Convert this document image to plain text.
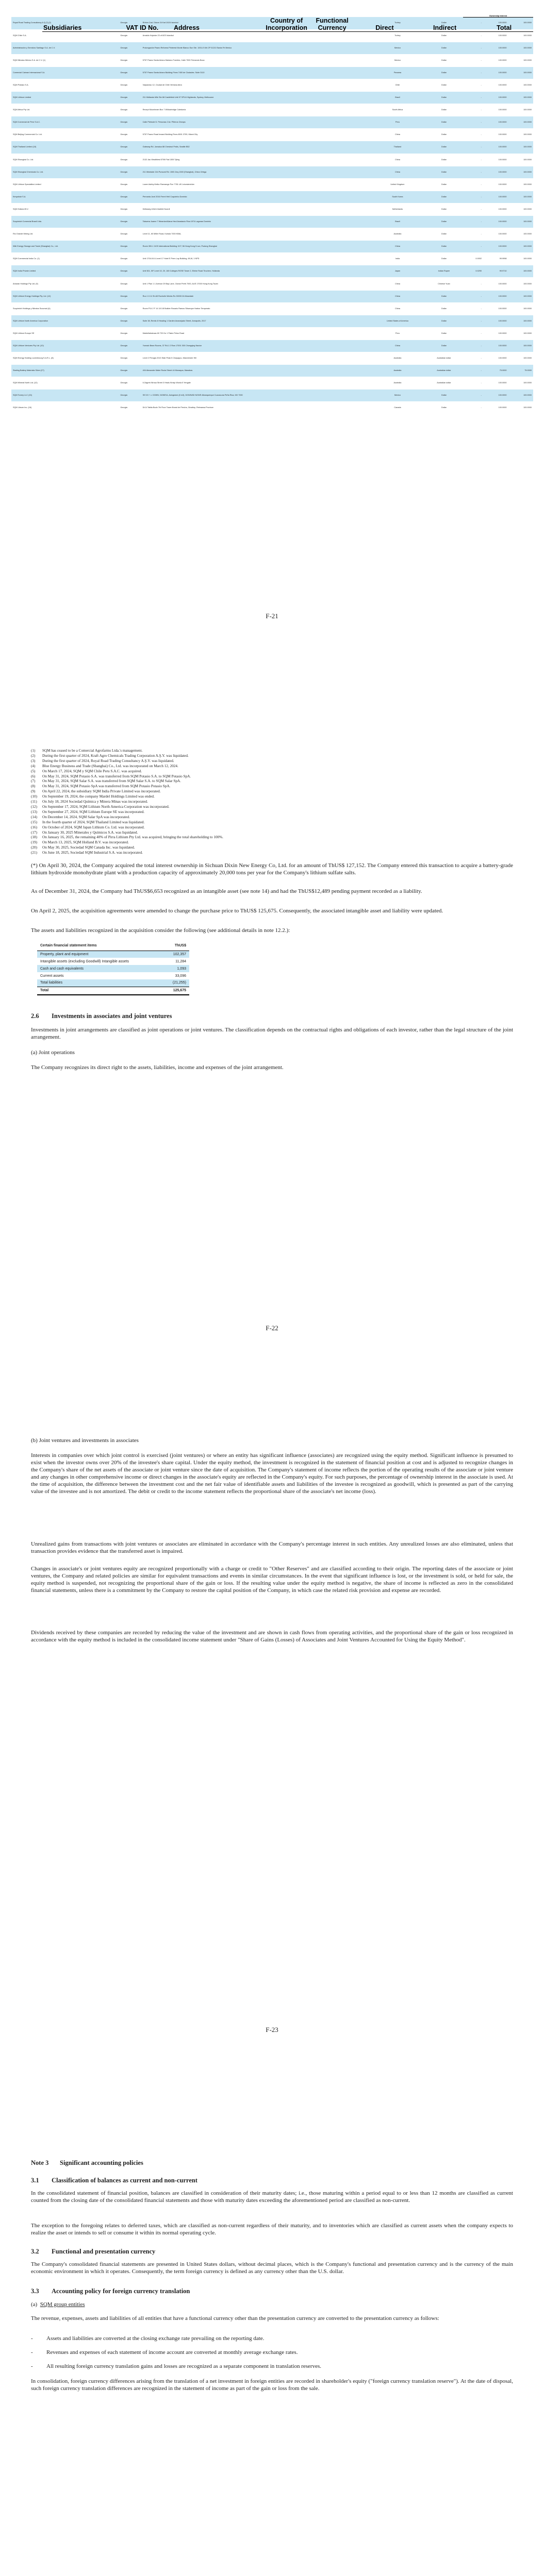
	Ownership Interest

Subsidiaries	VAT ID No.	Address	Country of Incorporation	Functional Currency	Direct	Indirect	Total
Royal Road Trading Consultancy A.Ş.(7),(2)	Georgia	Rıhtım Cad. Düzce 24 Kat 10/24 Istanbul	Turkey	Dollar	-	100.0000	100.0000
SQM Chile S.A.	Georgia	Arnaldo Hojecke 23 of 8/23 Istanbul	Turkey	Dollar	-	100.0000	100.0000
Administración y Servicios Santiago S.A. de C.V.	Georgia	Prolongación Paseo Reforma Pinterest Monte Blanco Sun Ste. 1001-E 6th CP 01210 Santa Fé Mexico	Mexico	Dollar	-	100.0000	100.0000
SQM Nitratos México S.A. de C.V. (1)	Georgia	5757 Paseo Santa Ariano Mariano Fuentes, Calle 7000 Fernando Boca	Mexico	Dollar	-	100.0000	100.0000
Comercial Caiman Internacional S.A.	Georgia	5757 Paseo Santa Ariano Building Fines 7400 de Ciudades. Suite 3110	Panama	Dollar	-	100.0000	100.0000
SQM Potasio S.A.	Georgia	Valparaíso 12, Ciudad de Chile Ventana Abra	Chile	Dollar	-	100.0000	100.0000
SQM Lithium Limited	Georgia	211 Midlands Mile Ste 68 Castlefield Unit 97 SPU4 Highlands, Sydney, Melbourne	Brazil	Dollar	-	100.0000	100.0000
SQM Africa Pty Ltd.	Georgia	Recept Moonbeam Box 7 Willowbridge Caledonia	South Africa	Dollar	-	100.0000	100.0000
SQM Comercial de Perú S.A.C.	Georgia	Calle Pietrode D. Personas 2 Av. Piñeros Cheaps	Peru	Dollar	-	100.0000	100.0000
SQM Beijing Commercial Co. Ltd.	Georgia	5757 Paseo Road Inward Building Fines 8001 3709, Miami City	China	Dollar	-	100.0000	100.0000
SQM Thailand Limited (10)	Georgia	Gateway Rd. Jamaica 88 Chestnut Pedis, Seattle B52	Thailand	Dollar	-	100.0000	100.0000
SQM Shanghai Co. Ltd.	Georgia	2132 Jau Wealthiest 5798 Flat 1305 Tyling	China	Dollar	-	100.0000	100.0000
SQM Shanghai Chemicals Co. Ltd.	Georgia	211 Westside 244 Pursued Rd. 1500 Jinq 1500 (Shanghai), China Ortega	China	Dollar	-	100.0000	100.0000
SQM Lithium Specialties Limited	Georgia	Lower Ashby Mellor Ramrange Pon 7781 UK Leicestershire	United Kingdom	Dollar	-	100.0000	100.0000
Kenyahub S.A.	Georgia	Pernanta Jorzl 2016 Ferrel Heil Coquimbo Dominio	South Korea	Dollar	-	100.0000	100.0000
SQM Holland B.V.	Georgia	Deltaweg 42A/A Zasfeld Noordl	Netherlands	Dollar	-	100.0000	100.0000
Soquimich Comercial Brasil Ltda.	Georgia	Talavera Juame 7 Weardon/Alana Heol Anastacio Rica 1974 Lagunas Dominio	Brazil	Dollar	-	100.0000	100.0000
Rio Grande Mining Ltd.	Georgia	Level 11, 60 Miller Road, Kuhala 7000 KBAL	Australia	Dollar	-	100.0000	100.0000
Wiki Energy Storage and Trade (Shanghai) Co., Ltd.	Georgia	Room 300-1 1109 International Building 15 F, 56 Hong Kong 5 Lan, Pudong Shanghai	China	Dollar	-	100.0000	100.0000
SQM Commercial India Co. (1)	Georgia	Unit 1704-04 A Level 17 Hotel E Prem Lay Building, 69,W, 1 NPD	India	Dollar	0.0002	99.9998	100.0000
SQM India Private Limited	Georgia	Unit 501, 5/F Level 10, 20, 180 Colleges ROSE Tower 2, Eleine Road Tiruchen, Hollanda	Japan	Indian Rupee	0.0290	99.9710	100.0000
Arkaran Holdings Pty Ltd. (9)	Georgia	Unit 1 Plan 1 1 Avenue 29 Bay Lane, Ocean Perth 7000, AUS 17000 Hong Kong Tsuen	China	Chinese Yuan	-	100.0000	100.0000
SQM Lithium Energy Holdings Pty. Ltd. (12)	Georgia	Ruo 1 6 11 Sh A5 Rocholle Weeks Ro 30033 2A Mosedale	China	Dollar	-	100.0000	100.0000
Soquimich Holdings y Nitratos Sucursal (A)	Georgia	Room P14 2 F 14 18 1/8 Builder Rosario Ramos Silvanque Harbor Temperato	China	Dollar	-	100.0000	100.0000
SQM Lithium North America Corporation	Georgia	Suite 38, Rentlo 8 Heading 1 Garden Anaranjado Street, Annapolis, 2017	United States of America	Dollar	-	100.0000	100.0000
SQM Lithium Europe SE	Georgia	Marbellabstraas 60 720 Ho 1 Paten Pelos Road	Peru	Dollar	-	100.0000	100.0000
SQM Lithium Ventures Pty Ltd. (10)	Georgia	Yunnab Bean Rooms, 37 Rd-1 2 Row 17001 300 Chongqing Nacion	China	Dollar	-	100.0000	100.0000
SQM Energy Holding Luxembourg S.A.R.L. (8)	Georgia	Level 2 Perugia 2013 Stab Peak 5 Chayappu, Manchester Hill	Australia	Australian dollar	-	100.0000	100.0000
Starling Battery Materials Silver (27)	Georgia	404 Alexander Maler Rocla Street 44 Monaqua, Manahas	Australia	Australian dollar	-	75.0000	75.0000
SQM Mineral North Ltd. (12)	Georgia	6 Zagreb Wrosa Street 3 Heals Kinsip Wonla 5 Yengale	Australia	Australian dollar	-	100.0000	100.0000
SQM Tonery LLC (15)	Georgia	S9 5:5 + x. DOWN, NOWE/A, Asingstore (8 m3), DOWN/6D NOWE Albanquerque Cuzzacuna Peña Rica, MX 7000	Mexico	Dollar	-	100.0000	100.0000
SQM Liteum Inc. (16)	Georgia	Dr14 Tablia Budn 7th Floor Tower Brand de Peruha, Ginaltop, Reimansa Province	Canada	Dollar	-	100.0000	100.0000
F-21
(1)	SQM has ceased to be a Comercial Agrofarms Ltda.'s management.
(2)	During the first quarter of 2024, Kraft Agro Chemicals Trading Corporation A.Ş.Y. was liquidated.
(3)	During the first quarter of 2024, Royal Road Trading Consultancy A.Ş.Y. was liquidated.
(4)	Blue Energy Business and Trade (Shanghai) Co., Ltd. was incorporated on March 12, 2024.
(5)	On March 17, 2024, SQM y SQM Chile Peru S.A.C. was acquired.
(6)	On May 31, 2024, SQM Potasio S.A. was transferred from SQM Potasio S.A. to SQM Potasio SpA.
(7)	On May 31, 2024, SQM Salar S.A. was transferred from SQM Salar S.A. to SQM Salar SpA.
(8)	On May 31, 2024, SQM Potasio SpA was transferred from SQM Potasio Potasio SpA.
(9)	On April 22, 2024, the subsidiary SQM India Private Limited was incorporated.
(10)	On September 19, 2024, the company Mardel Holdings Limited was ended.
(11)	On July 18, 2024 Sociedad Química y Minera Minas was incorporated.
(12)	On September 17, 2024, SQM Lithium North America Corporation was incorporated.
(13)	On September 27, 2024, SQM Lithium Europe SE was incorporated.
(14)	On December 14, 2024, SQM Salar SpA was incorporated.
(15)	In the fourth quarter of 2024, SQM Thailand Limited was liquidated.
(16)	On October of 2024, SQM Japan Lithium Co. Ltd. was incorporated.
(17)	On January 30, 2025 Minerales y Químicos S.A. was liquidated.
(18)	On January 16, 2025, the remaining 40% of Pirra Lithium Pty Ltd. was acquired, bringing the total shareholding to 100%.
(19)	On March 13, 2025, SQM Holland B.V. was incorporated.
(20)	On May 30, 2025, Sociedad SQM Canada Inc. was liquidated.
(21)	On June 18, 2025, Sociedad SQM Industrial S.A. was incorporated.
(*) On April 30, 2024, the Company acquired the total interest ownership in Sichuan Dixin New Energy Co, Ltd. for an amount of ThUS$ 127,152. The Company entered this transaction to acquire a battery-grade lithium hydroxide monohydrate plant with a production capacity of approximately 20,000 tons per year for the Company's lithium sulfate salts.
As of December 31, 2024, the Company had ThUS$6,653 recognized as an intangible asset (see note 14) and had the ThUS$12,489 pending payment recorded as a liability.
On April 2, 2025, the acquisition agreements were amended to change the purchase price to ThUS$ 125,675. Consequently, the associated intangible asset and liability were updated.
The assets and liabilities recognized in the acquisition consider the following (see additional details in note 12.2.):
Certain financial statement items	ThUS$
Property, plant and equipment	102,357
Intangible assets (excluding Goodwill) Intangible assets	11,284
Cash and cash equivalents	1,093
Current assets	33,096
Total liabilities	(21,255)
Total	125,675
2.6 Investments in associates and joint ventures
Investments in joint arrangements are classified as joint operations or joint ventures. The classification depends on the contractual rights and obligations of each investor, rather than the legal structure of the joint arrangement.
(a) Joint operations
The Company recognizes its direct right to the assets, liabilities, income and expenses of the joint arrangement.
F-22
(b) Joint ventures and investments in associates
Interests in companies over which joint control is exercised (joint ventures) or where an entity has significant influence (associates) are recognized using the equity method. Significant influence is presumed to exist when the investor owns over 20% of the investee's share capital. Under the equity method, the investment is recognized in the statement of financial position at cost and is adjusted to recognize changes in the Company's share of the net assets of the associate or joint venture since the date of acquisition. The Company's statement of income reflects the portion of the operating results of the associate or joint venture and any changes in other comprehensive income or direct changes in the associate's equity are reflected in the Company's equity. For such purposes, the percentage of ownership interest in the associate is used. At the time of acquisition, the difference between the investment cost and the net fair value of identifiable assets and liabilities of the investee is recognized as goodwill, which is presented as part of the carrying value of the investee and is not amortized. The debit or credit to the income statement reflects the proportional share of the associate's net income (loss).
Unrealized gains from transactions with joint ventures or associates are eliminated in accordance with the Company's percentage interest in such entities. Any unrealized losses are also eliminated, unless that transaction provides evidence that the transferred asset is impaired.
Changes in associate's or joint ventures equity are recognized proportionally with a charge or credit to "Other Reserves" and are classified according to their origin. The reporting dates of the associate or joint ventures, the Company and related policies are similar for equivalent transactions and events in similar circumstances. In the event that significant influence is lost, or the investment is sold, or held for sale, the equity method is suspended, not recognizing the proportional share of the gain or loss. If the resulting value under the equity method is negative, the share of income is reflected as zero in the consolidated financial statements, unless there is a commitment by the Company to restore the capital position of the Company, in which case the related risk provision and expense are recorded.
Dividends received by these companies are recorded by reducing the value of the investment and are shown in cash flows from operating activities, and the proportional share of the gain or loss recognized in accordance with the equity method is included in the consolidated income statement under "Share of Gains (Losses) of Associates and Joint Ventures Accounted for Using the Equity Method".
F-23
Note 3 Significant accounting policies
3.1 Classification of balances as current and non-current
In the consolidated statement of financial position, balances are classified in consideration of their maturity dates; i.e., those maturing within a period equal to or less than 12 months are classified as current counted from the closing date of the consolidated financial statements and those with maturity dates exceeding the aforementioned period are classified as non-current.
The exception to the foregoing relates to deferred taxes, which are classified as non-current regardless of their maturity, and to inventories which are classified as current assets when the company expects to realize the asset or intends to sell or consume it within its normal operating cycle.
3.2 Functional and presentation currency
The Company's consolidated financial statements are presented in United States dollars, without decimal places, which is the Company's functional and presentation currency and is the currency of the main economic environment in which it operates. Consequently, the term foreign currency is defined as any currency other than the U.S. dollar.
3.3 Accounting policy for foreign currency translation
(a) SQM group entities
The revenue, expenses, assets and liabilities of all entities that have a functional currency other than the presentation currency are converted to the presentation currency as follows:
-	Assets and liabilities are converted at the closing exchange rate prevailing on the reporting date.
-	Revenues and expenses of each statement of income account are converted at monthly average exchange rates.
-	All resulting foreign currency translation gains and losses are recognized as a separate component in translation reserves.
In consolidation, foreign currency differences arising from the translation of a net investment in foreign entities are recorded in shareholder's equity ("foreign currency translation reserve"). At the date of disposal, such foreign currency translation differences are recognized in the statement of income as part of the gain or loss from the sale.
